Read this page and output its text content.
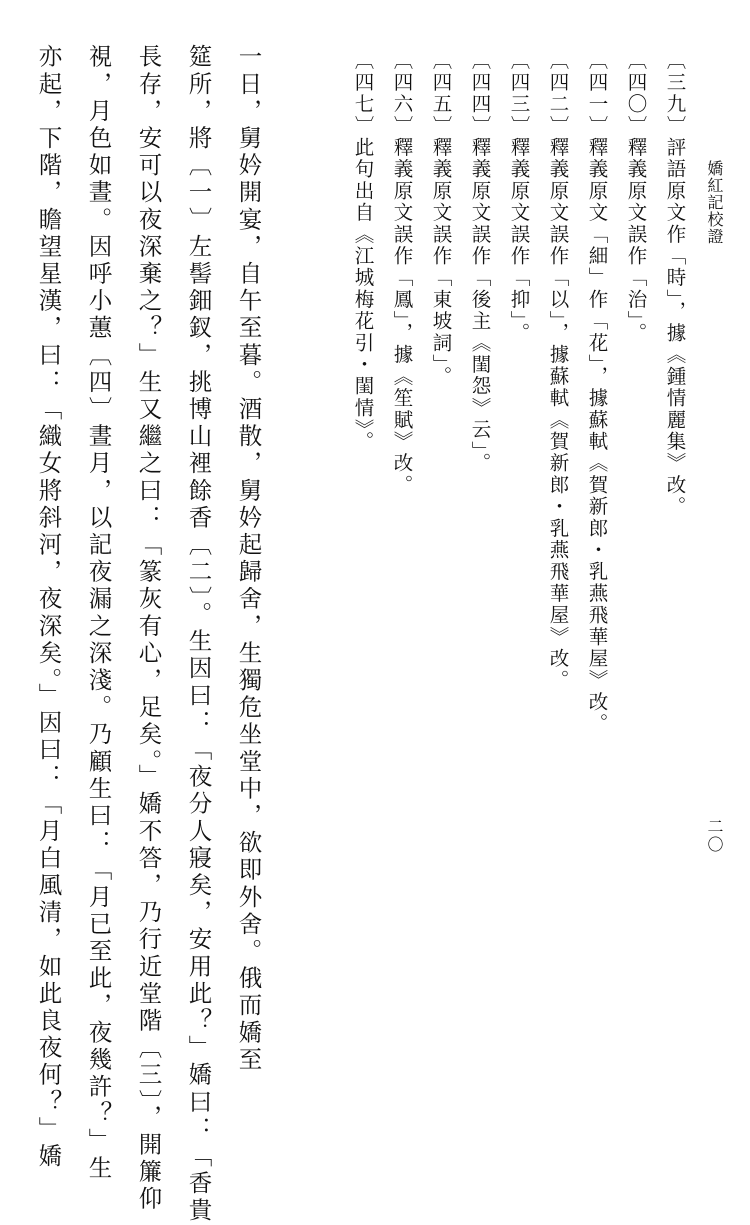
嬌紅記校證
二〇
〔三九〕評語原文作「時」，據《鍾情麗集》改。
〔四〇〕釋義原文誤作「治」。
〔四一〕釋義原文「細」作「花」，據蘇軾《賀新郎・乳燕飛華屋》改。
〔四二〕釋義原文誤作「以」，據蘇軾《賀新郎・乳燕飛華屋》改。
〔四三〕釋義原文誤作「抑」。
〔四四〕釋義原文誤作「後主《閨怨》云」。
〔四五〕釋義原文誤作「東坡詞」。
〔四六〕釋義原文誤作「鳳」，據《笙賦》改。
〔四七〕此句出自《江城梅花引・閨情》。
一日，舅妗開宴，自午至暮。酒散，舅妗起歸舍，生獨危坐堂中，欲即外舍。俄而嬌至
筵所，將〔一〕左髻鈿釵，挑博山裡餘香〔二〕。生因曰：「夜分人寢矣，安用此？」嬌曰：「香貴
長存，安可以夜深棄之？」生又繼之曰：「篆灰有心，足矣。」嬌不答，乃行近堂階〔三〕，開簾仰
視，月色如晝。因呼小蕙〔四〕晝月，以記夜漏之深淺。乃顧生曰：「月已至此，夜幾許？」生
亦起，下階，瞻望星漢，曰：「織女將斜河，夜深矣。」因曰：「月白風清，如此良夜何？」嬌
